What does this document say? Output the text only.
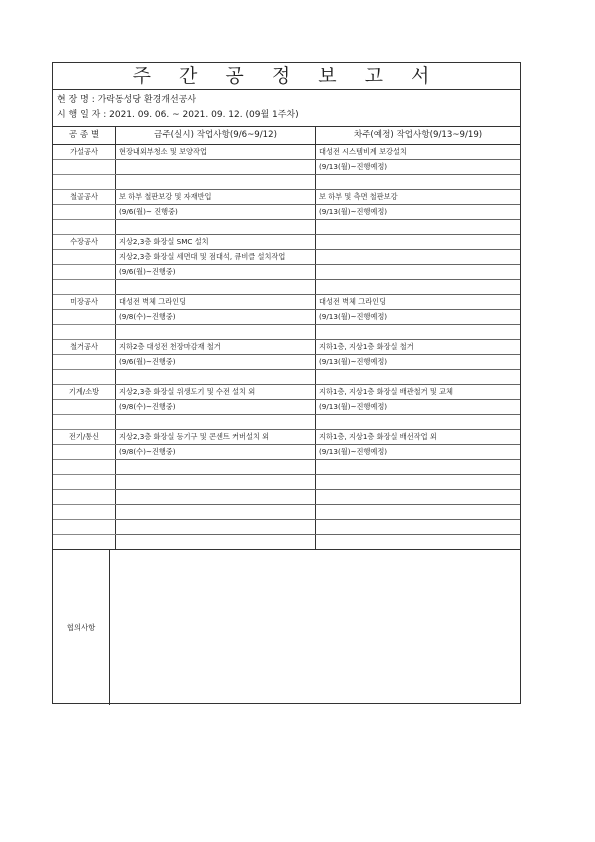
주 간 공 정 보 고 서
현 장 명 : 가락동성당 환경개선공사
시 행 일 자 : 2021. 09. 06. ~ 2021. 09. 12. (09월 1주차)
공 종 별	금주(실시) 작업사항(9/6~9/12)	차주(예정) 작업사항(9/13~9/19)
가설공사	현장내외부청소 및 보양작업	대성전 시스템비계 보강설치
		(9/13(월)~진행예정)

철골공사	보 하부 철판보강 및 자재반입	보 하부 및 측면 철판보강
	(9/6(월)~ 진행중)	(9/13(월)~진행예정)

수장공사	지상2,3층 화장실 SMC 설치	
	지상2,3층 화장실 세면대 및 점대석, 큐비클 설치작업	
	(9/6(월)~진행중)	

미장공사	대성전 벽체 그라인딩	대성전 벽체 그라인딩
	(9/8(수)~진행중)	(9/13(월)~진행예정)

철거공사	지하2층 대성전 천장마감재 철거	지하1층, 지상1층 화장실 철거
	(9/6(월)~진행중)	(9/13(월)~진행예정)

기계/소방	지상2,3층 화장실 위생도기 및 수전 설치 외	지하1층, 지상1층 화장실 배관철거 및 교체
	(9/8(수)~진행중)	(9/13(월)~진행예정)

전기/통신	지상2,3층 화장실 등기구 및 콘센트 커버설치 외	지하1층, 지상1층 화장실 배선작업 외
	(9/8(수)~진행중)	(9/13(월)~진행예정)

협의사항
